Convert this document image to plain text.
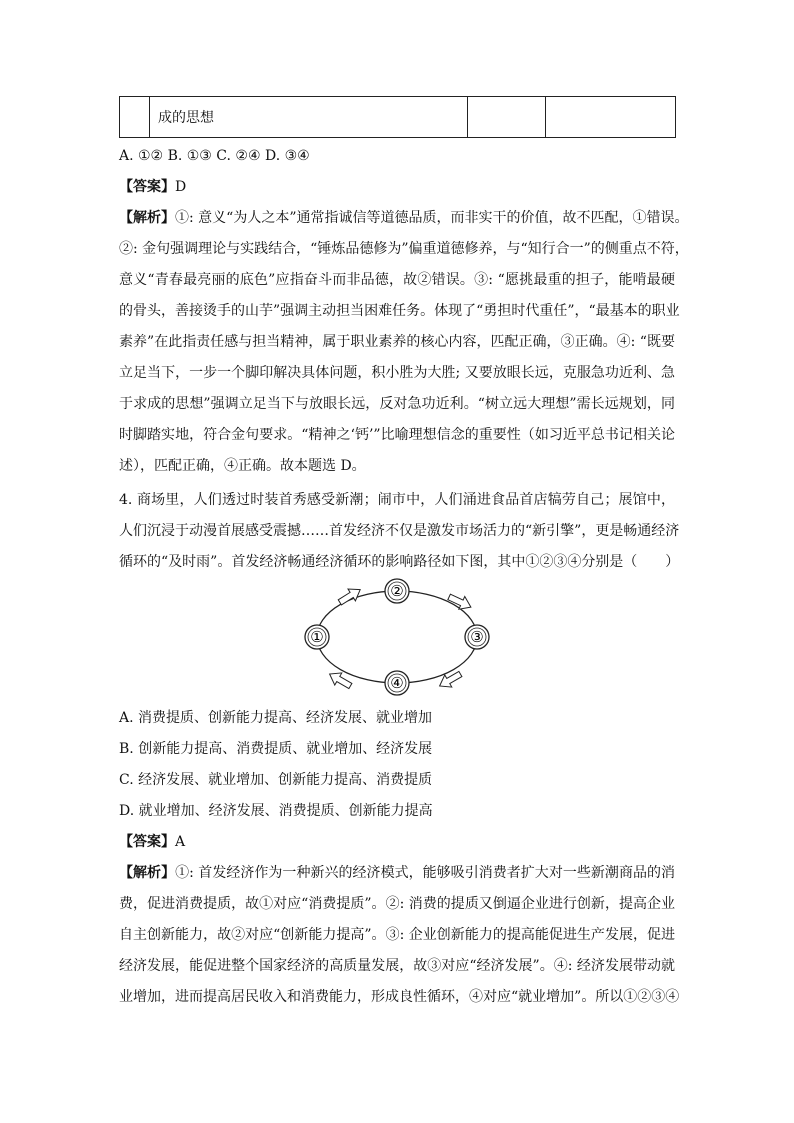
	成的思想		
A. ①② B. ①③ C. ②④ D. ③④
【答案】D
【解析】①: 意义“为人之本”通常指诚信等道德品质，而非实干的价值，故不匹配，①错误。
②: 金句强调理论与实践结合，“锤炼品德修为”偏重道德修养，与“知行合一”的侧重点不符，
意义“青春最亮丽的底色”应指奋斗而非品德，故②错误。③: “愿挑最重的担子，能啃最硬
的骨头，善接烫手的山芋”强调主动担当困难任务。体现了“勇担时代重任”，“最基本的职业
素养”在此指责任感与担当精神，属于职业素养的核心内容，匹配正确，③正确。④: “既要
立足当下，一步一个脚印解决具体问题，积小胜为大胜; 又要放眼长远，克服急功近利、急
于求成的思想”强调立足当下与放眼长远，反对急功近利。“树立远大理想”需长远规划，同
时脚踏实地，符合金句要求。“精神之‘钙’”比喻理想信念的重要性（如习近平总书记相关论
述），匹配正确，④正确。故本题选 D。
4. 商场里，人们透过时装首秀感受新潮；闹市中，人们涌进食品首店犒劳自己；展馆中，
人们沉浸于动漫首展感受震撼……首发经济不仅是激发市场活力的“新引擎”，更是畅通经济
循环的“及时雨”。首发经济畅通经济循环的影响路径如下图，其中①②③④分别是（　　）
①
②
③
④
A. 消费提质、创新能力提高、经济发展、就业增加
B. 创新能力提高、消费提质、就业增加、经济发展
C. 经济发展、就业增加、创新能力提高、消费提质
D. 就业增加、经济发展、消费提质、创新能力提高
【答案】A
【解析】①: 首发经济作为一种新兴的经济模式，能够吸引消费者扩大对一些新潮商品的消
费，促进消费提质，故①对应“消费提质”。②: 消费的提质又倒逼企业进行创新，提高企业
自主创新能力，故②对应“创新能力提高”。③: 企业创新能力的提高能促进生产发展，促进
经济发展，能促进整个国家经济的高质量发展，故③对应“经济发展”。④: 经济发展带动就
业增加，进而提高居民收入和消费能力，形成良性循环，④对应“就业增加”。所以①②③④
